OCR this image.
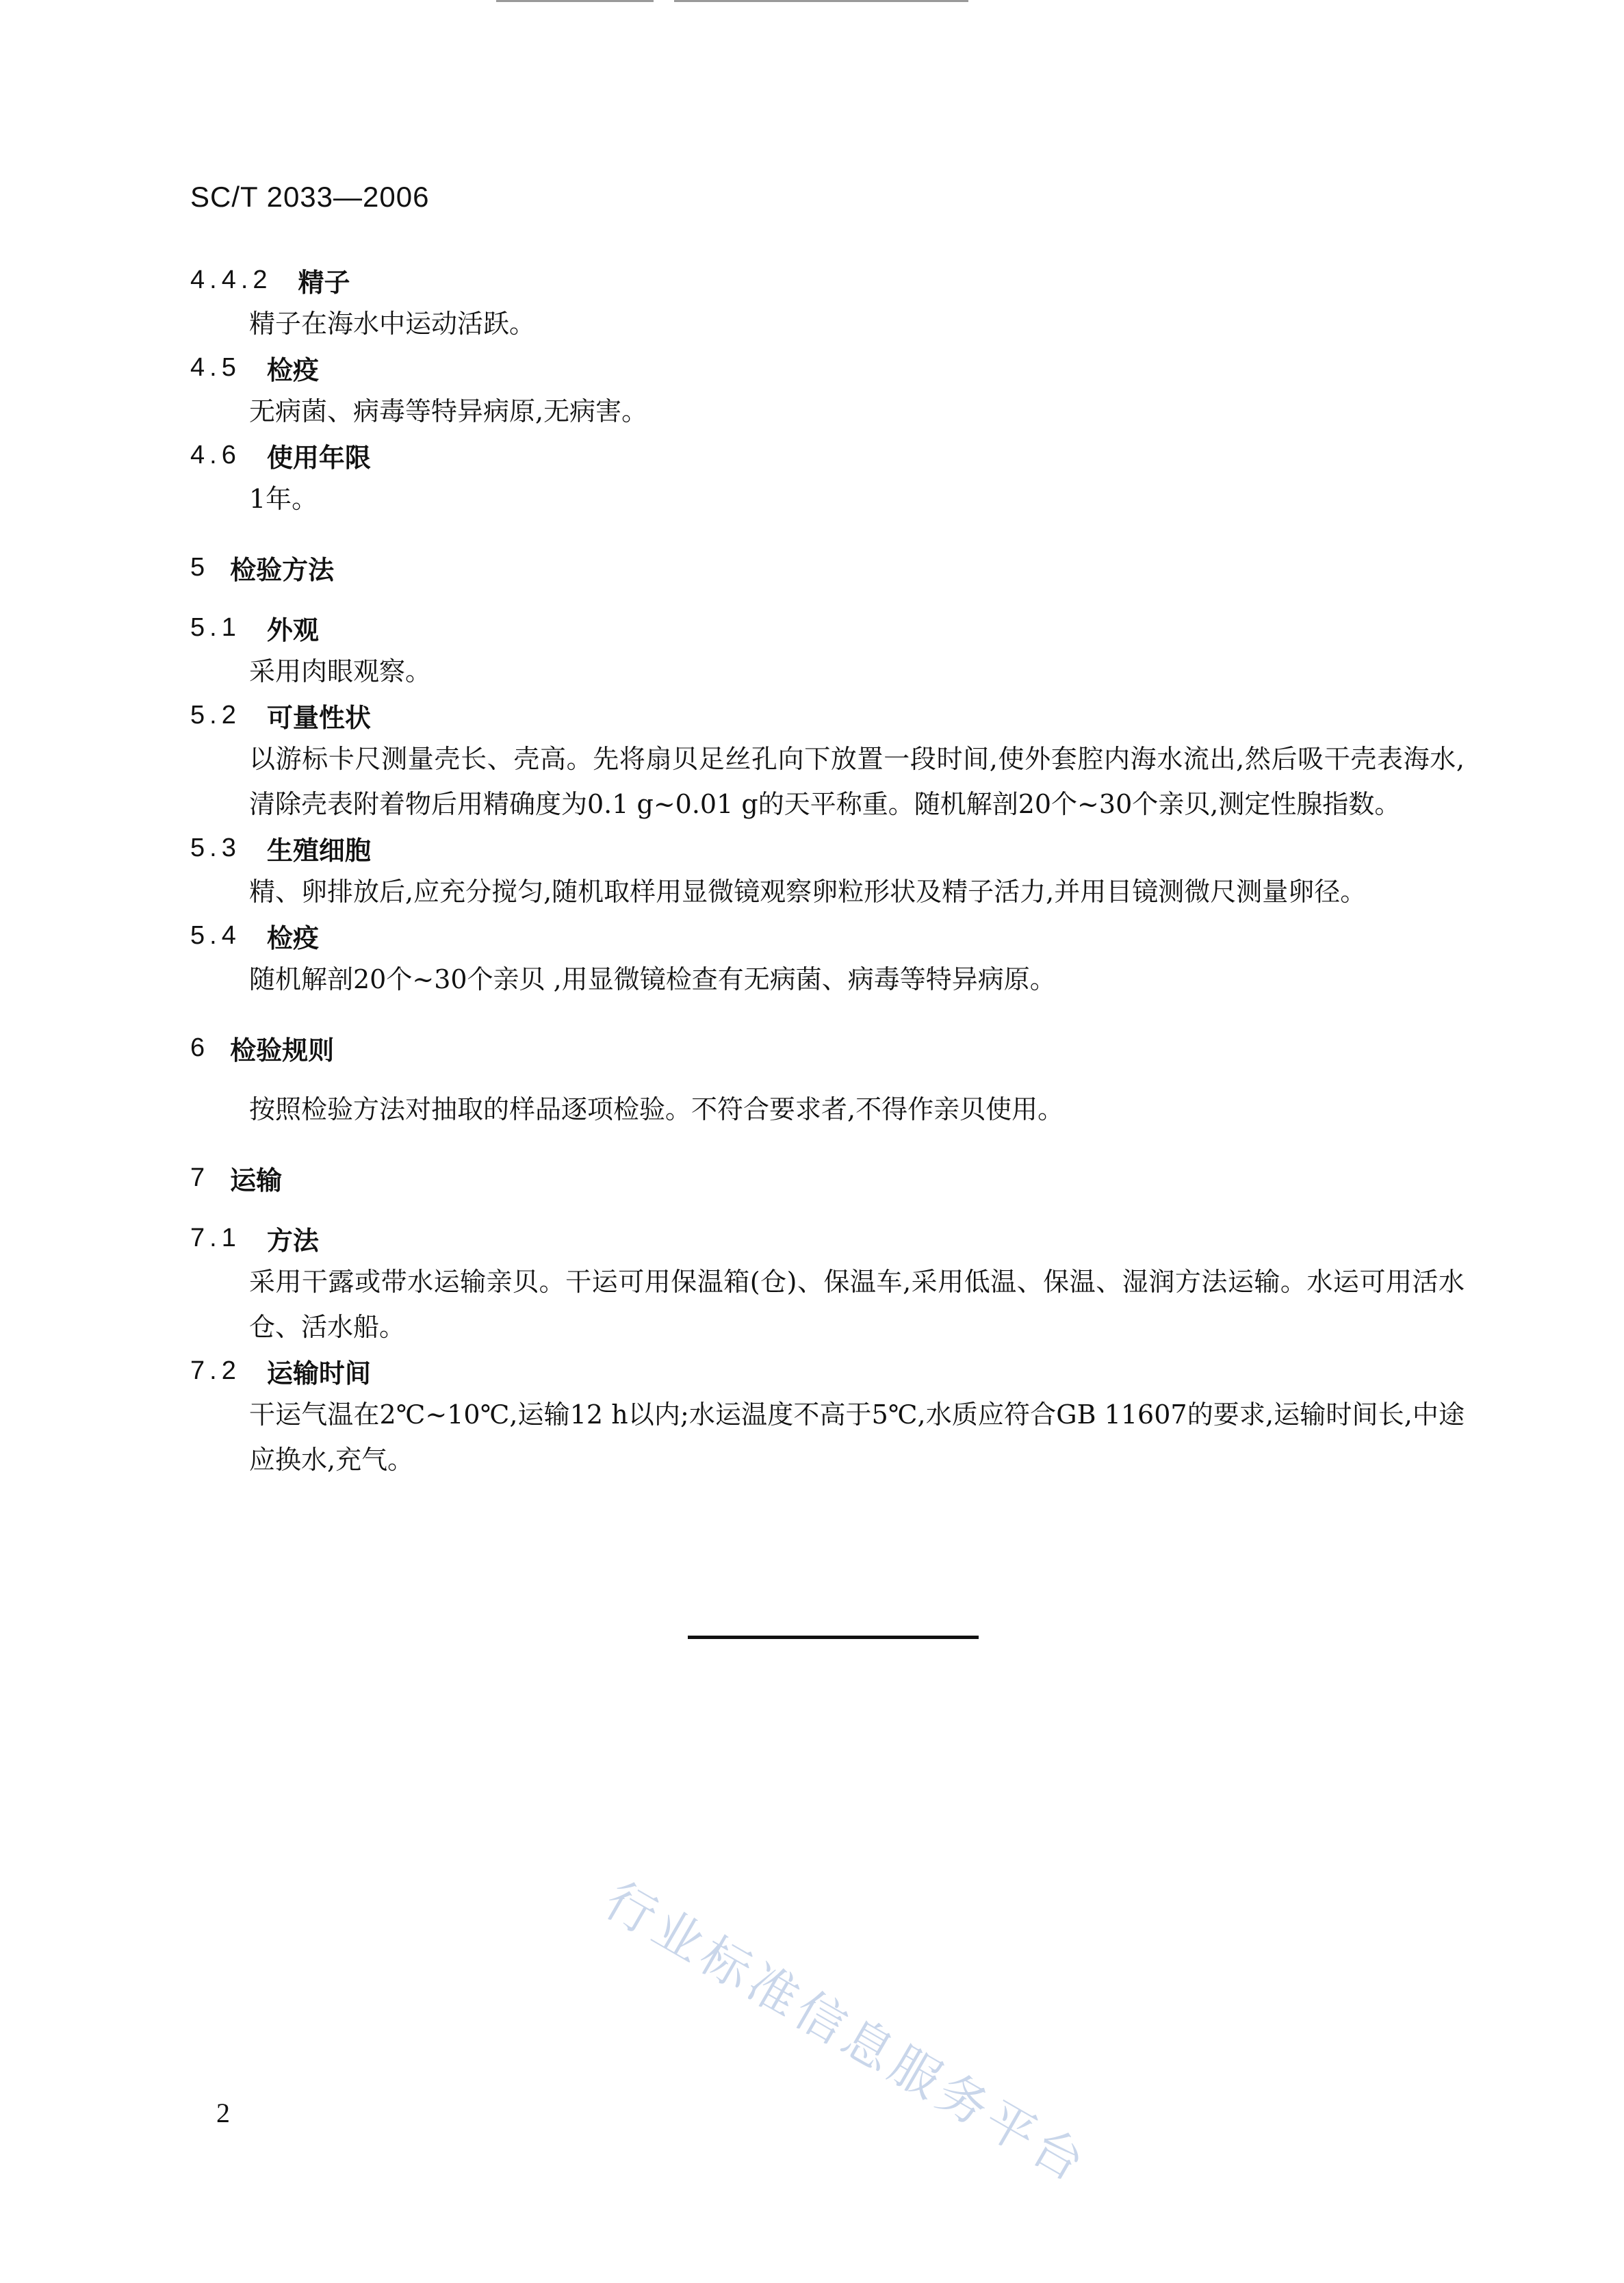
SC/T 2033—2006
4.4.2 精子

精子在海水中运动活跃。

4.5 检疫

无病菌、病毒等特异病原,无病害。

4.6 使用年限

1年。

5 检验方法
5.1 外观

采用肉眼观察。

5.2 可量性状

以游标卡尺测量壳长、壳高。先将扇贝足丝孔向下放置一段时间,使外套腔内海水流出,然后吸干壳表海水,清除壳表附着物后用精确度为0.1 g~0.01 g的天平称重。随机解剖20个~30个亲贝,测定性腺指数。

5.3 生殖细胞

精、卵排放后,应充分搅匀,随机取样用显微镜观察卵粒形状及精子活力,并用目镜测微尺测量卵径。

5.4 检疫

随机解剖20个~30个亲贝 ,用显微镜检查有无病菌、病毒等特异病原。

6 检验规则

按照检验方法对抽取的样品逐项检验。不符合要求者,不得作亲贝使用。

7 运输
7.1 方法

采用干露或带水运输亲贝。干运可用保温箱(仓)、保温车,采用低温、保温、湿润方法运输。水运可用活水仓、活水船。

7.2 运输时间

干运气温在2℃~10℃,运输12 h以内;水运温度不高于5℃,水质应符合GB 11607的要求,运输时间长,中途应换水,充气。

行业标准信息服务平台
2
